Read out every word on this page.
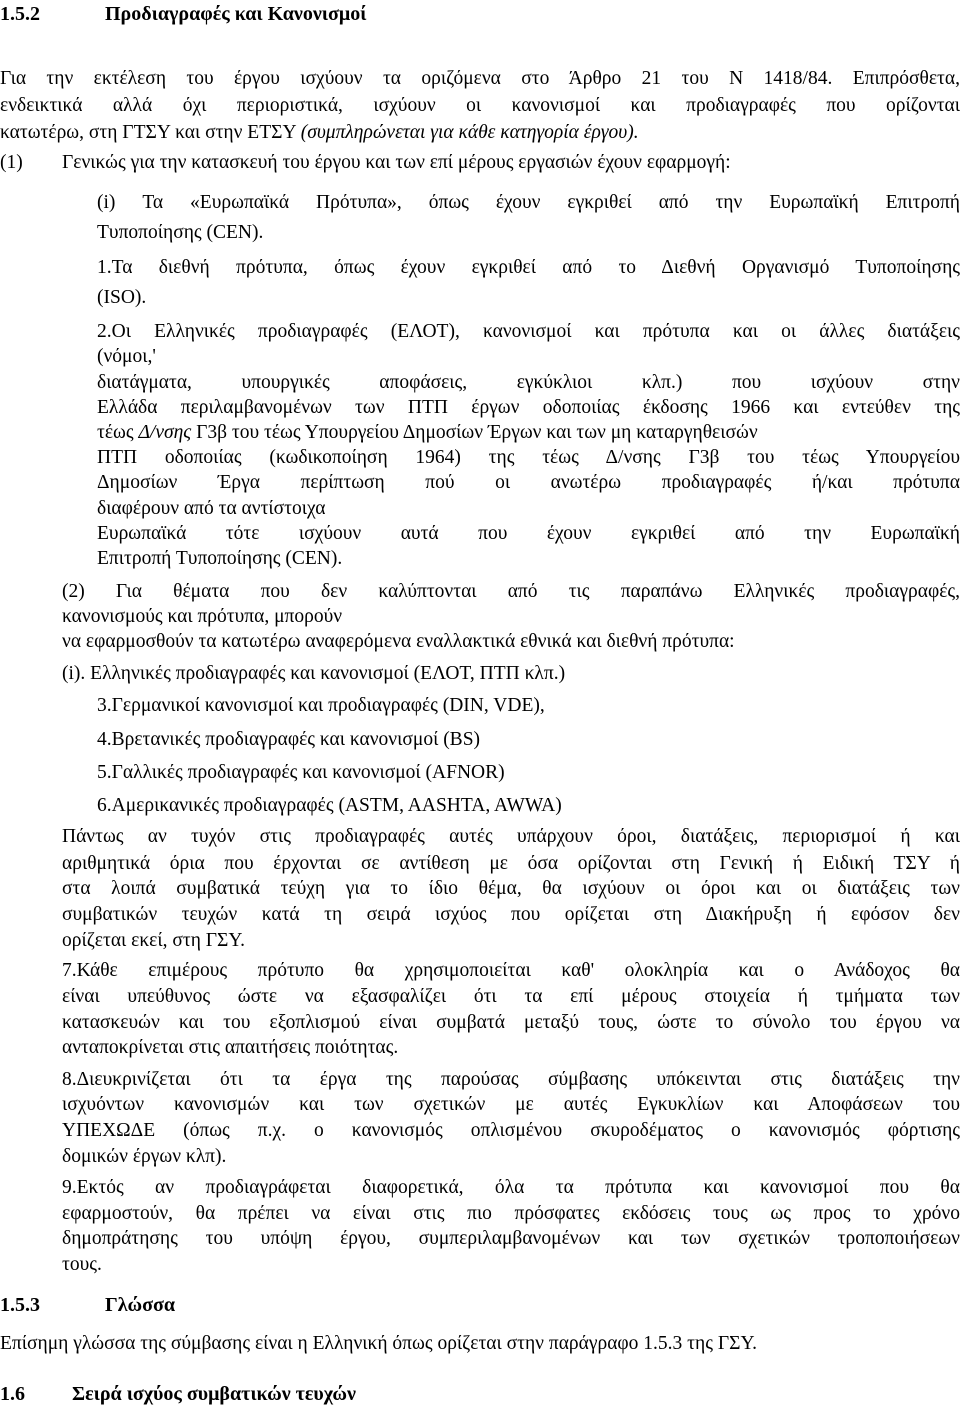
1.5.2	Προδιαγραφές και Κανονισμοί
Για την εκτέλεση του έργου ισχύουν τα οριζόμενα στο Άρθρο 21 του Ν 1418/84. Επιπρόσθετα,
ενδεικτικά αλλά όχι περιοριστικά, ισχύουν οι κανονισμοί και προδιαγραφές που ορίζονται
κατωτέρω, στη ΓΤΣΥ και στην ΕΤΣΥ (συμπληρώνεται για κάθε κατηγορία έργου).
(1) Γενικώς για την κατασκευή του έργου και των επί μέρους εργασιών έχουν εφαρμογή:
(i) Τα «Ευρωπαϊκά Πρότυπα», όπως έχουν εγκριθεί από την Ευρωπαϊκή Επιτροπή
Τυποποίησης (CEN).
1.Τα διεθνή πρότυπα, όπως έχουν εγκριθεί από το Διεθνή Οργανισμό Τυποποίησης
(ISO).
2.Οι Ελληνικές προδιαγραφές (ΕΛΟΤ), κανονισμοί και πρότυπα και οι άλλες διατάξεις
(νόμοι,'
διατάγματα, υπουργικές αποφάσεις, εγκύκλιοι κλπ.) που ισχύουν στην
Ελλάδα περιλαμβανομένων των ΠΤΠ έργων οδοποιίας έκδοσης 1966 και εντεύθεν της
τέως Δ/νσης Γ3β του τέως Υπουργείου Δημοσίων Έργων και των μη καταργηθεισών
ΠΤΠ οδοποιίας (κωδικοποίηση 1964) της τέως Δ/νσης Γ3β του τέως Υπουργείου
Δημοσίων Έργα περίπτωση πού οι ανωτέρω προδιαγραφές ή/και πρότυπα
διαφέρουν από τα αντίστοιχα
Ευρωπαϊκά τότε ισχύουν αυτά που έχουν εγκριθεί από την Ευρωπαϊκή
Επιτροπή Τυποποίησης (CEN).
(2) Για θέματα που δεν καλύπτονται από τις παραπάνω Ελληνικές προδιαγραφές,
κανονισμούς και πρότυπα, μπορούν
να εφαρμοσθούν τα κατωτέρω αναφερόμενα εναλλακτικά εθνικά και διεθνή πρότυπα:
(i). Ελληνικές προδιαγραφές και κανονισμοί (ΕΛΟΤ, ΠΤΠ κλπ.)
3.Γερμανικοί κανονισμοί και προδιαγραφές (DIN, VDE),
4.Βρετανικές προδιαγραφές και κανονισμοί (BS)
5.Γαλλικές προδιαγραφές και κανονισμοί (AFNOR)
6.Αμερικανικές προδιαγραφές (ASTM, AASHTA, AWWA)
Πάντως αν τυχόν στις προδιαγραφές αυτές υπάρχουν όροι, διατάξεις, περιορισμοί ή και
αριθμητικά όρια που έρχονται σε αντίθεση με όσα ορίζονται στη Γενική ή Ειδική ΤΣΥ ή
στα λοιπά συμβατικά τεύχη για το ίδιο θέμα, θα ισχύουν οι όροι και οι διατάξεις των
συμβατικών τευχών κατά τη σειρά ισχύος που ορίζεται στη Διακήρυξη ή εφόσον δεν
ορίζεται εκεί, στη ΓΣΥ.
7.Κάθε επιμέρους πρότυπο θα χρησιμοποιείται καθ' ολοκληρία και ο Ανάδοχος θα
είναι υπεύθυνος ώστε να εξασφαλίζει ότι τα επί μέρους στοιχεία ή τμήματα των
κατασκευών και του εξοπλισμού είναι συμβατά μεταξύ τους, ώστε το σύνολο του έργου να
ανταποκρίνεται στις απαιτήσεις ποιότητας.
8.Διευκρινίζεται ότι τα έργα της παρούσας σύμβασης υπόκεινται στις διατάξεις την
ισχυόντων κανονισμών και των σχετικών με αυτές Εγκυκλίων και Αποφάσεων του
ΥΠΕΧΩΔΕ (όπως π.χ. ο κανονισμός οπλισμένου σκυροδέματος ο κανονισμός φόρτισης
δομικών έργων κλπ).
9.Εκτός αν προδιαγράφεται διαφορετικά, όλα τα πρότυπα και κανονισμοί που θα
εφαρμοστούν, θα πρέπει να είναι στις πιο πρόσφατες εκδόσεις τους ως προς το χρόνο
δημοπράτησης του υπόψη έργου, συμπεριλαμβανομένων και των σχετικών τροποποιήσεων
τους.
1.5.3	Γλώσσα
Επίσημη γλώσσα της σύμβασης είναι η Ελληνική όπως ορίζεται στην παράγραφο 1.5.3 της ΓΣΥ.
1.6 Σειρά ισχύος συμβατικών τευχών
